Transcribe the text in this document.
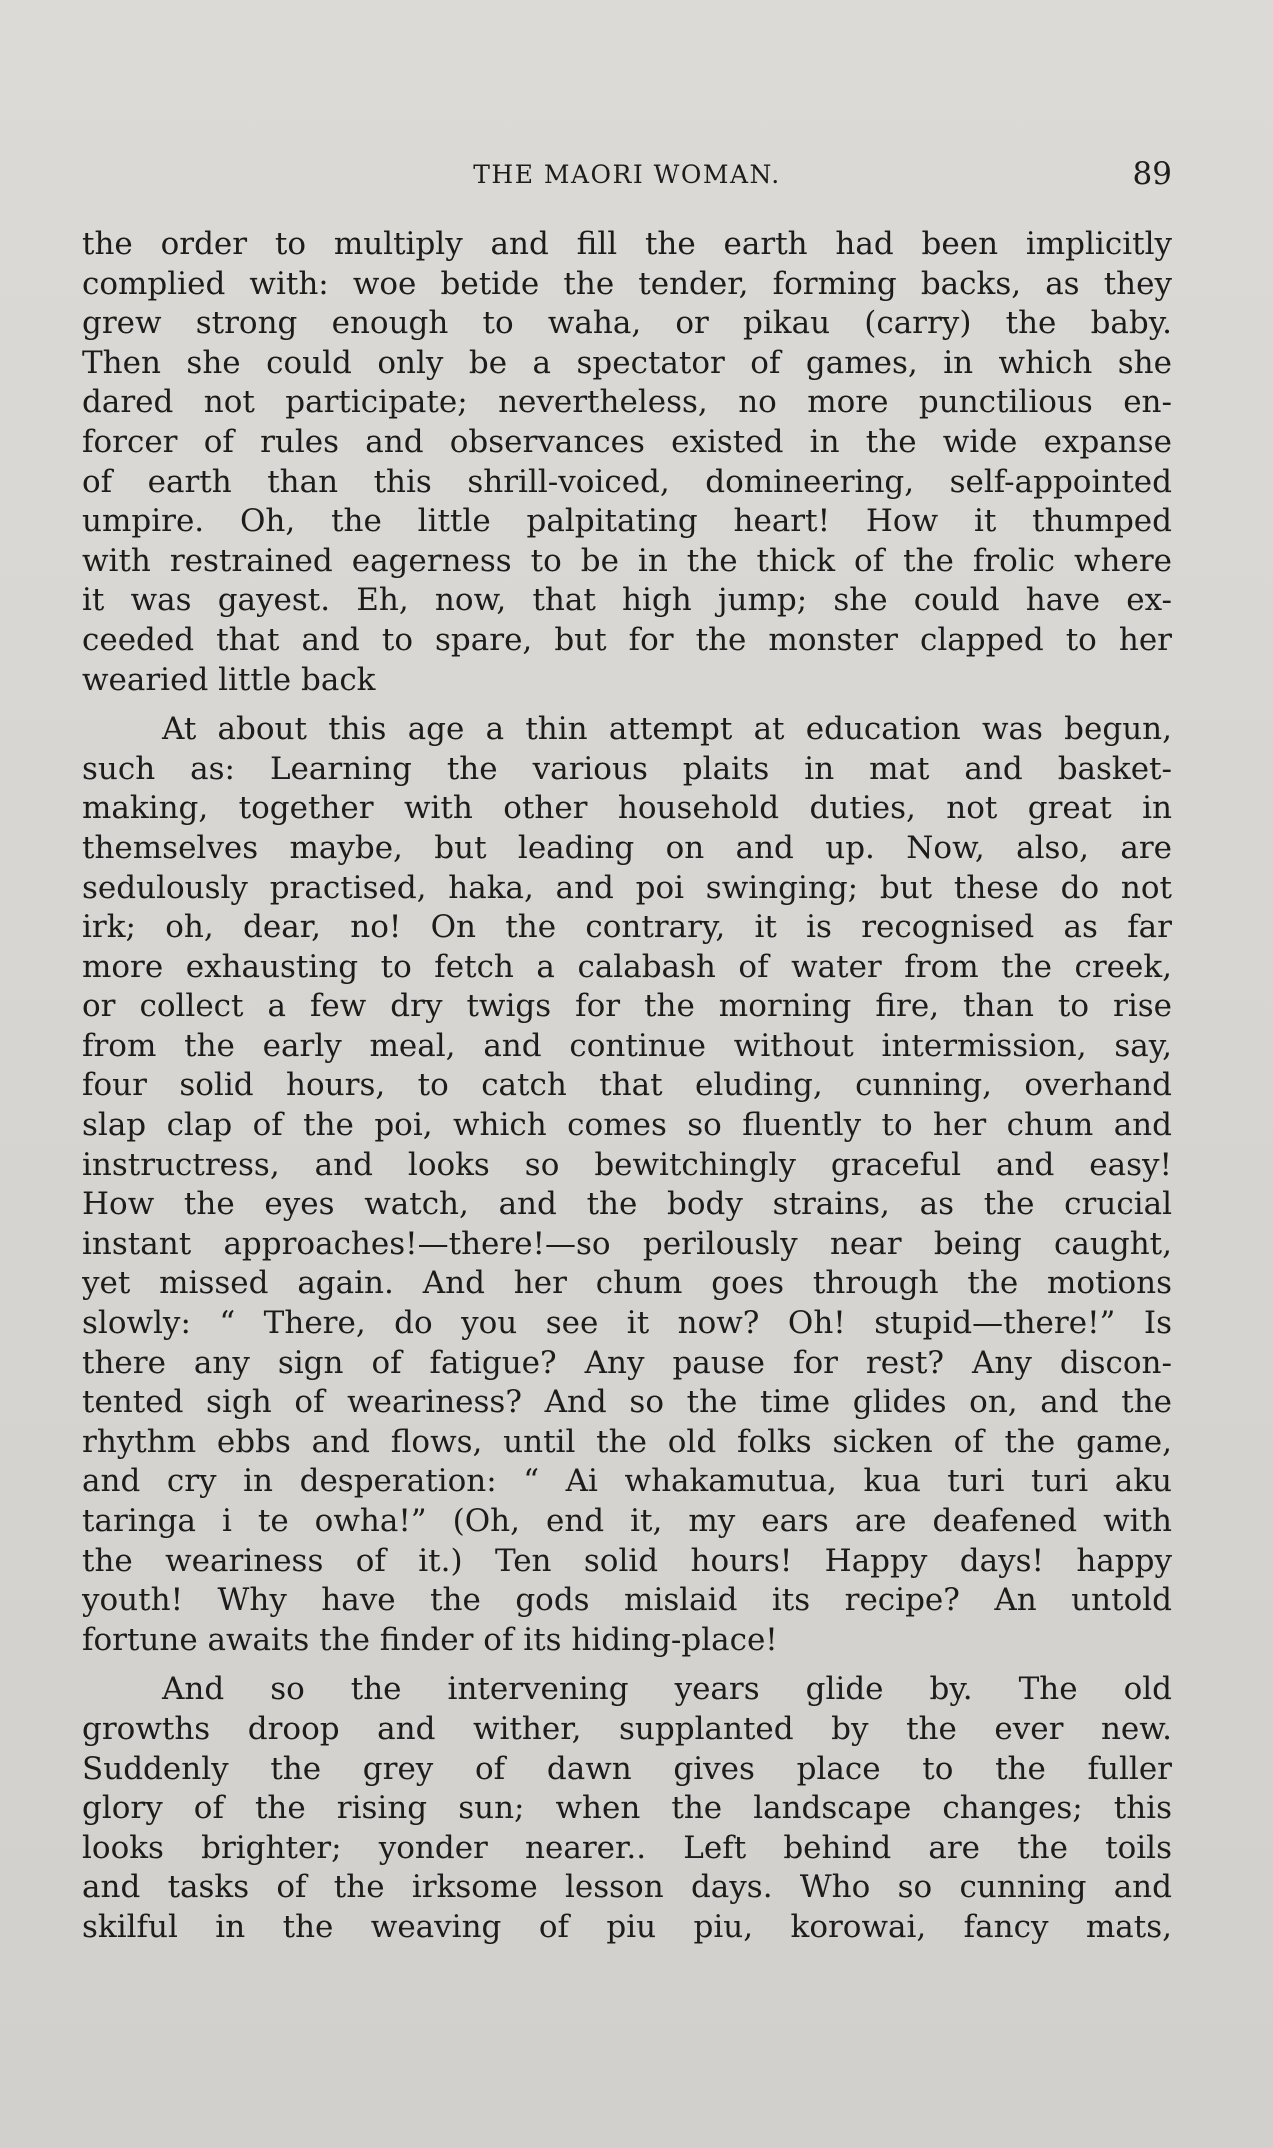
THE MAORI WOMAN.	89
the order to multiply and fill the earth had been implicitly
complied with: woe betide the tender, forming backs, as they
grew strong enough to waha, or pikau (carry) the baby.
Then she could only be a spectator of games, in which she
dared not participate; nevertheless, no more punctilious en-
forcer of rules and observances existed in the wide expanse
of earth than this shrill-voiced, domineering, self-appointed
umpire. Oh, the little palpitating heart! How it thumped
with restrained eagerness to be in the thick of the frolic where
it was gayest. Eh, now, that high jump; she could have ex-
ceeded that and to spare, but for the monster clapped to her
wearied little back
At about this age a thin attempt at education was begun,
such as: Learning the various plaits in mat and basket-
making, together with other household duties, not great in
themselves maybe, but leading on and up. Now, also, are
sedulously practised, haka, and poi swinging; but these do not
irk; oh, dear, no! On the contrary, it is recognised as far
more exhausting to fetch a calabash of water from the creek,
or collect a few dry twigs for the morning fire, than to rise
from the early meal, and continue without intermission, say,
four solid hours, to catch that eluding, cunning, overhand
slap clap of the poi, which comes so fluently to her chum and
instructress, and looks so bewitchingly graceful and easy!
How the eyes watch, and the body strains, as the crucial
instant approaches!—there!—so perilously near being caught,
yet missed again. And her chum goes through the motions
slowly: “ There, do you see it now? Oh! stupid—there!” Is
there any sign of fatigue? Any pause for rest? Any discon-
tented sigh of weariness? And so the time glides on, and the
rhythm ebbs and flows, until the old folks sicken of the game,
and cry in desperation: “ Ai whakamutua, kua turi turi aku
taringa i te owha!” (Oh, end it, my ears are deafened with
the weariness of it.) Ten solid hours! Happy days! happy
youth! Why have the gods mislaid its recipe? An untold
fortune awaits the finder of its hiding-place!
And so the intervening years glide by. The old
growths droop and wither, supplanted by the ever new.
Suddenly the grey of dawn gives place to the fuller
glory of the rising sun; when the landscape changes; this
looks brighter; yonder nearer.. Left behind are the toils
and tasks of the irksome lesson days. Who so cunning and
skilful in the weaving of piu piu, korowai, fancy mats,
